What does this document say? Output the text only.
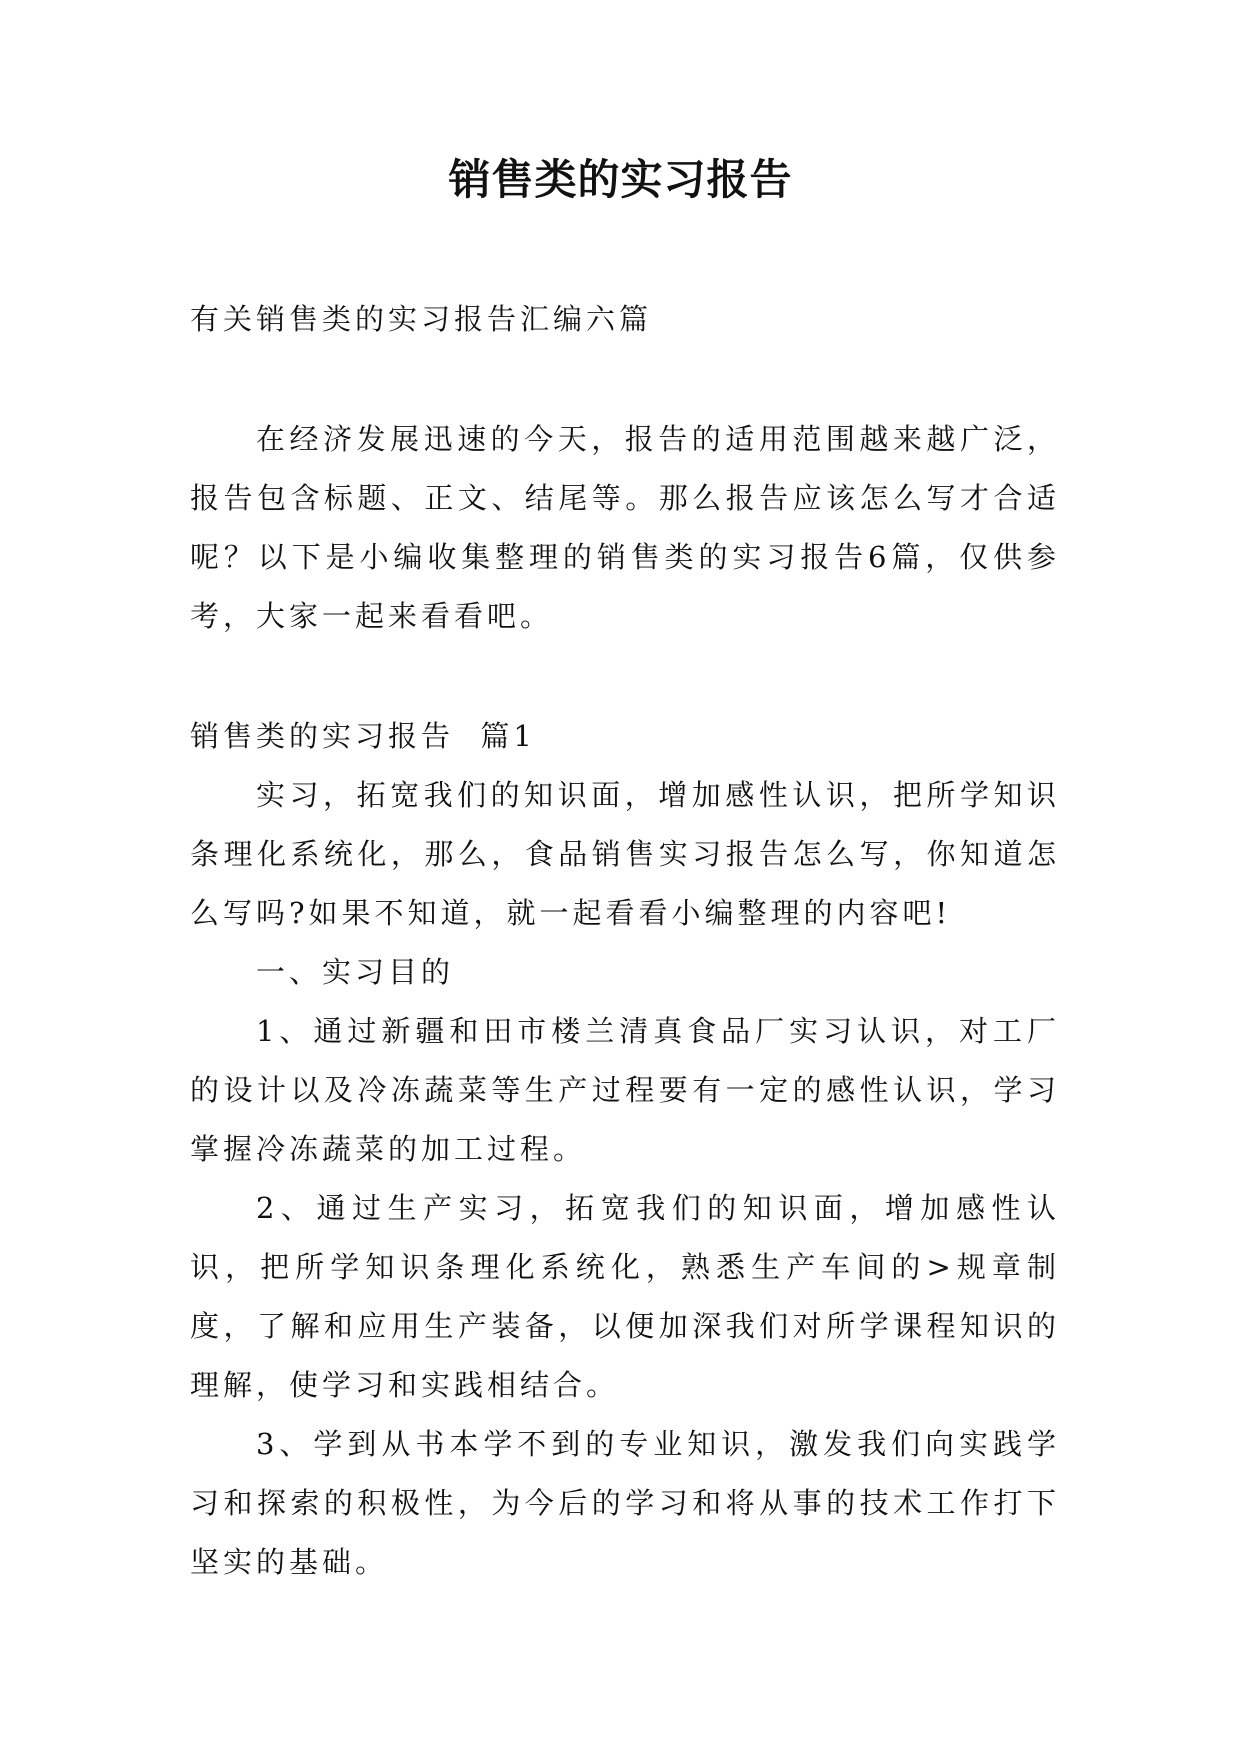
销售类的实习报告

有关销售类的实习报告汇编六篇

在经济发展迅速的今天，报告的适用范围越来越广泛，报告包含标题、正文、结尾等。那么报告应该怎么写才合适呢？以下是小编收集整理的销售类的实习报告6篇，仅供参考，大家一起来看看吧。

销售类的实习报告  篇1

实习，拓宽我们的知识面，增加感性认识，把所学知识条理化系统化，那么，食品销售实习报告怎么写，你知道怎么写吗?如果不知道，就一起看看小编整理的内容吧!

一、实习目的

1、通过新疆和田市楼兰清真食品厂实习认识，对工厂的设计以及冷冻蔬菜等生产过程要有一定的感性认识，学习掌握冷冻蔬菜的加工过程。

2、通过生产实习，拓宽我们的知识面，增加感性认识，把所学知识条理化系统化，熟悉生产车间的>规章制度，了解和应用生产装备，以便加深我们对所学课程知识的理解，使学习和实践相结合。

3、学到从书本学不到的专业知识，激发我们向实践学习和探索的积极性，为今后的学习和将从事的技术工作打下坚实的基础。
